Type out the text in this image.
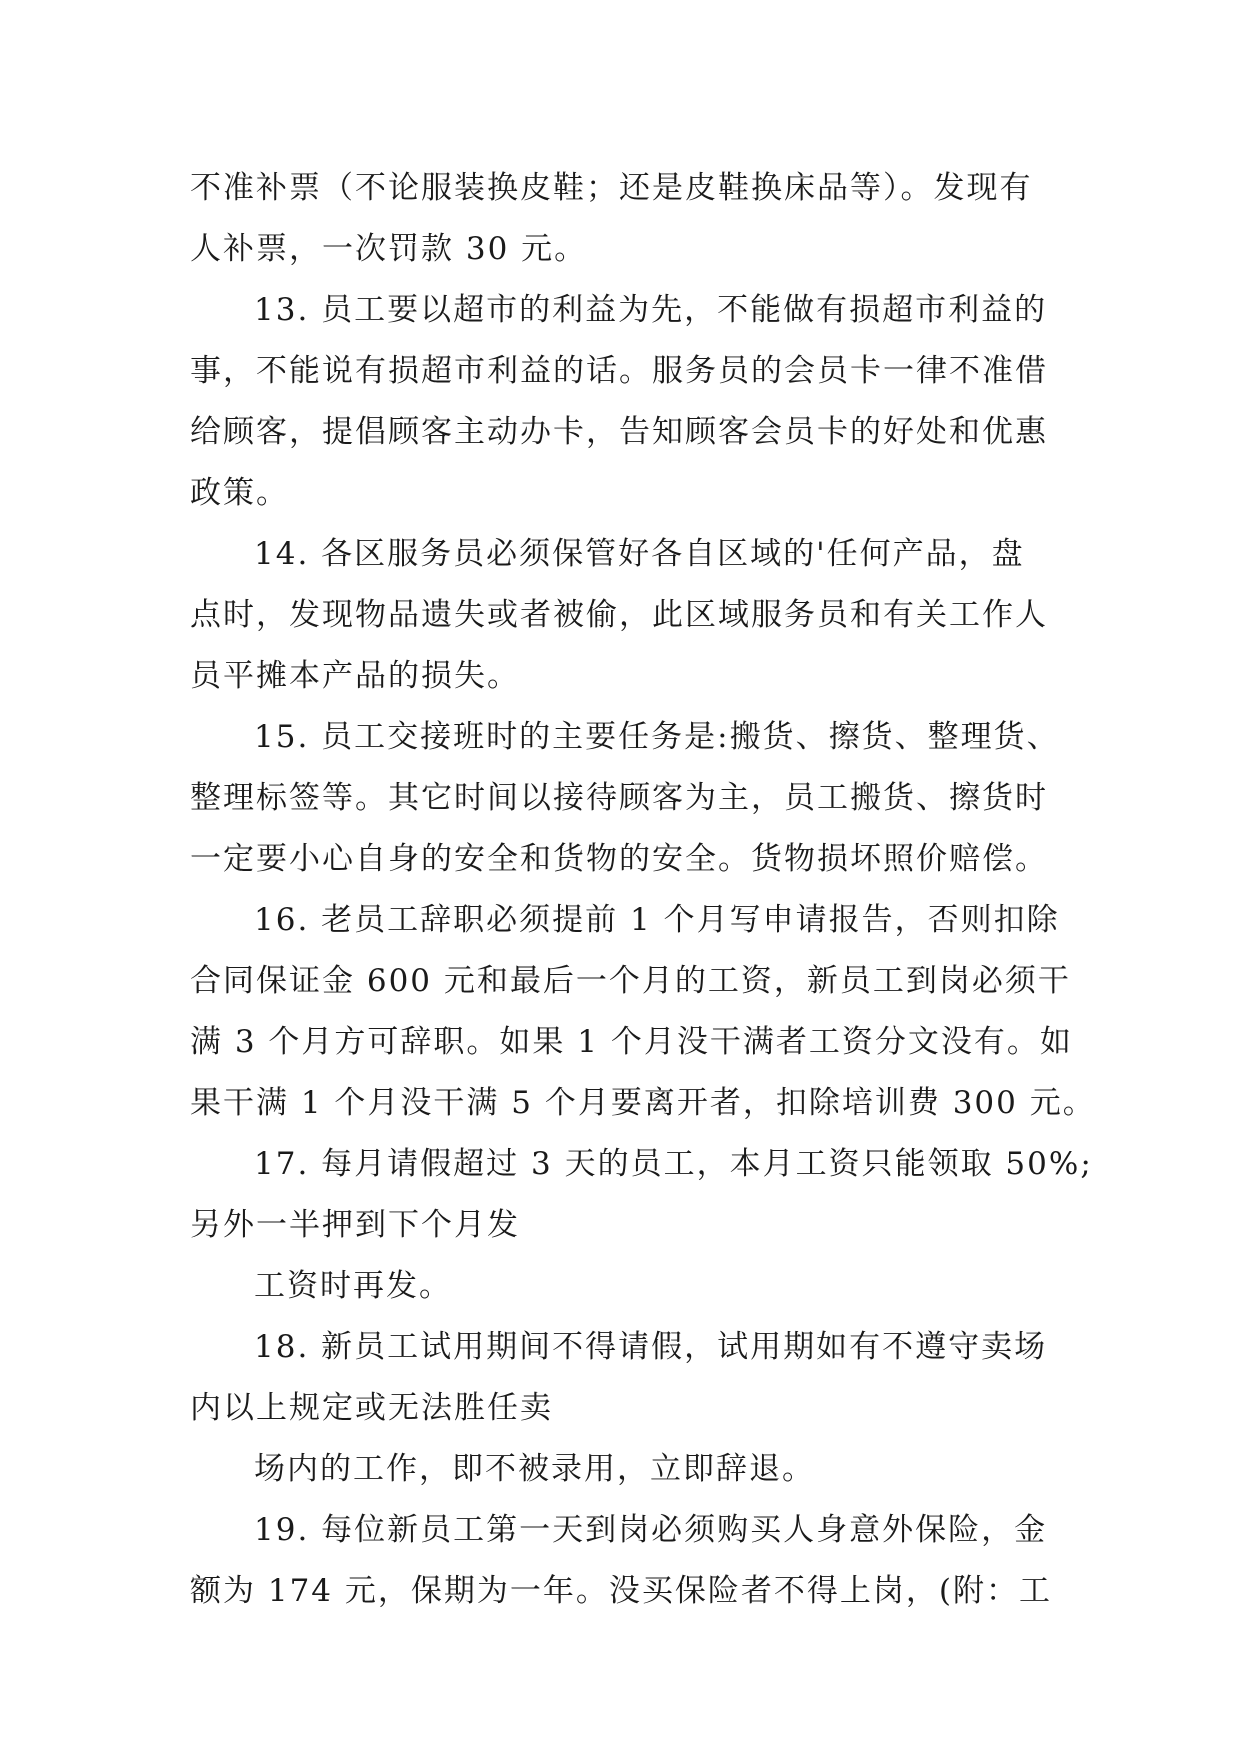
不准补票（不论服装换皮鞋；还是皮鞋换床品等）。发现有
人补票，一次罚款 30 元。
13. 员工要以超市的利益为先，不能做有损超市利益的
事，不能说有损超市利益的话。服务员的会员卡一律不准借
给顾客，提倡顾客主动办卡，告知顾客会员卡的好处和优惠
政策。
14. 各区服务员必须保管好各自区域的'任何产品，盘
点时，发现物品遗失或者被偷，此区域服务员和有关工作人
员平摊本产品的损失。
15. 员工交接班时的主要任务是:搬货、擦货、整理货、
整理标签等。其它时间以接待顾客为主，员工搬货、擦货时
一定要小心自身的安全和货物的安全。货物损坏照价赔偿。
16. 老员工辞职必须提前 1 个月写申请报告，否则扣除
合同保证金 600 元和最后一个月的工资，新员工到岗必须干
满 3 个月方可辞职。如果 1 个月没干满者工资分文没有。如
果干满 1 个月没干满 5 个月要离开者，扣除培训费 300 元。
17. 每月请假超过 3 天的员工，本月工资只能领取 50%;
另外一半押到下个月发
工资时再发。
18. 新员工试用期间不得请假，试用期如有不遵守卖场
内以上规定或无法胜任卖
场内的工作，即不被录用，立即辞退。
19. 每位新员工第一天到岗必须购买人身意外保险，金
额为 174 元，保期为一年。没买保险者不得上岗，(附：工
